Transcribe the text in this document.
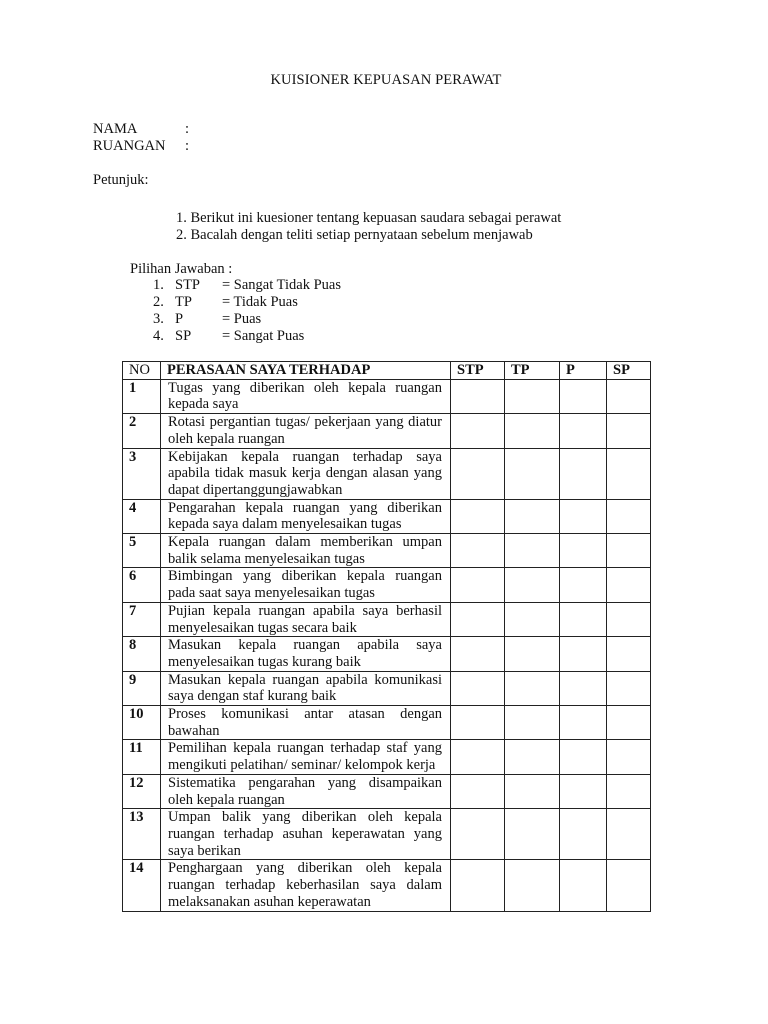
KUISIONER KEPUASAN PERAWAT
NAMA	:
RUANGAN :
Petunjuk:
1. Berikut ini kuesioner tentang kepuasan saudara sebagai perawat
2. Bacalah dengan teliti setiap pernyataan sebelum menjawab
Pilihan Jawaban :
1. STP = Sangat Tidak Puas
2. TP = Tidak Puas
3. P	= Puas
4. SP = Sangat Puas
NO	PERASAAN SAYA TERHADAP	STP	TP	P	SP
1	Tugas yang diberikan oleh kepala ruangan kepada saya				
2	Rotasi pergantian tugas/ pekerjaan yang diatur oleh kepala ruangan				
3	Kebijakan kepala ruangan terhadap saya apabila tidak masuk kerja dengan alasan yang dapat dipertanggungjawabkan				
4	Pengarahan kepala ruangan yang diberikan kepada saya dalam menyelesaikan tugas				
5	Kepala ruangan dalam memberikan umpan balik selama menyelesaikan tugas				
6	Bimbingan yang diberikan kepala ruangan pada saat saya menyelesaikan tugas				
7	Pujian kepala ruangan apabila saya berhasil menyelesaikan tugas secara baik				
8	Masukan kepala ruangan apabila saya menyelesaikan tugas kurang baik				
9	Masukan kepala ruangan apabila komunikasi saya dengan staf kurang baik				
10	Proses komunikasi antar atasan dengan bawahan				
11	Pemilihan kepala ruangan terhadap staf yang mengikuti pelatihan/ seminar/ kelompok kerja				
12	Sistematika pengarahan yang disampaikan oleh kepala ruangan				
13	Umpan balik yang diberikan oleh kepala ruangan terhadap asuhan keperawatan yang saya berikan				
14	Penghargaan yang diberikan oleh kepala ruangan terhadap keberhasilan saya dalam melaksanakan asuhan keperawatan				
